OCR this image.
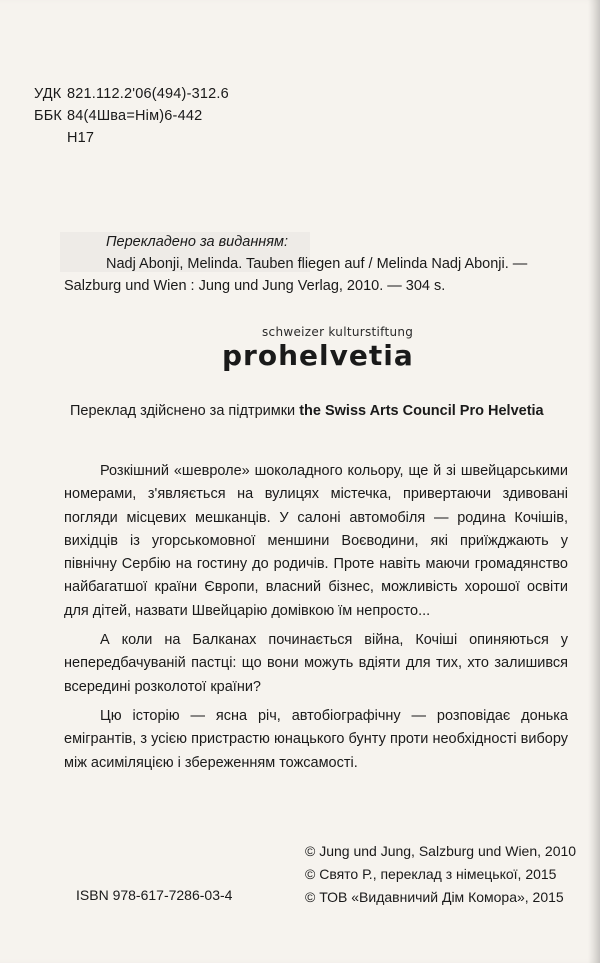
УДК 821.112.2'06(494)-312.6
ББК 84(4Шва=Нім)6-442
Н17
Перекладено за виданням:
Nadj Abonji, Melinda. Tauben fliegen auf / Melinda Nadj Abonji. —
Salzburg und Wien : Jung und Jung Verlag, 2010. — 304 s.
schweizer kulturstiftung
prohelvetia
Переклад здійснено за підтримки the Swiss Arts Council Pro Helvetia

Розкішний «шевроле» шоколадного кольору, ще й зі швейцарськими номерами, з'являється на вулицях містечка, привертаючи здивовані погляди місцевих мешканців. У салоні автомобіля — родина Кочішів, вихідців із угорськомовної меншини Воєводини, які приїжджають у північну Сербію на гостину до родичів. Проте навіть маючи громадянство найбагатшої країни Європи, власний бізнес, можливість хорошої освіти для дітей, назвати Швейцарію домівкою їм непросто...

А коли на Балканах починається війна, Кочіші опиняються у непередбачуваній пастці: що вони можуть вдіяти для тих, хто залишився всередині розколотої країни?

Цю історію — ясна річ, автобіографічну — розповідає донька емігрантів, з усією пристрастю юнацького бунту проти необхідності вибору між асиміляцією і збереженням тожсамості.

© Jung und Jung, Salzburg und Wien, 2010
© Свято Р., переклад з німецької, 2015
© ТОВ «Видавничий Дім Комора», 2015
ISBN 978-617-7286-03-4
